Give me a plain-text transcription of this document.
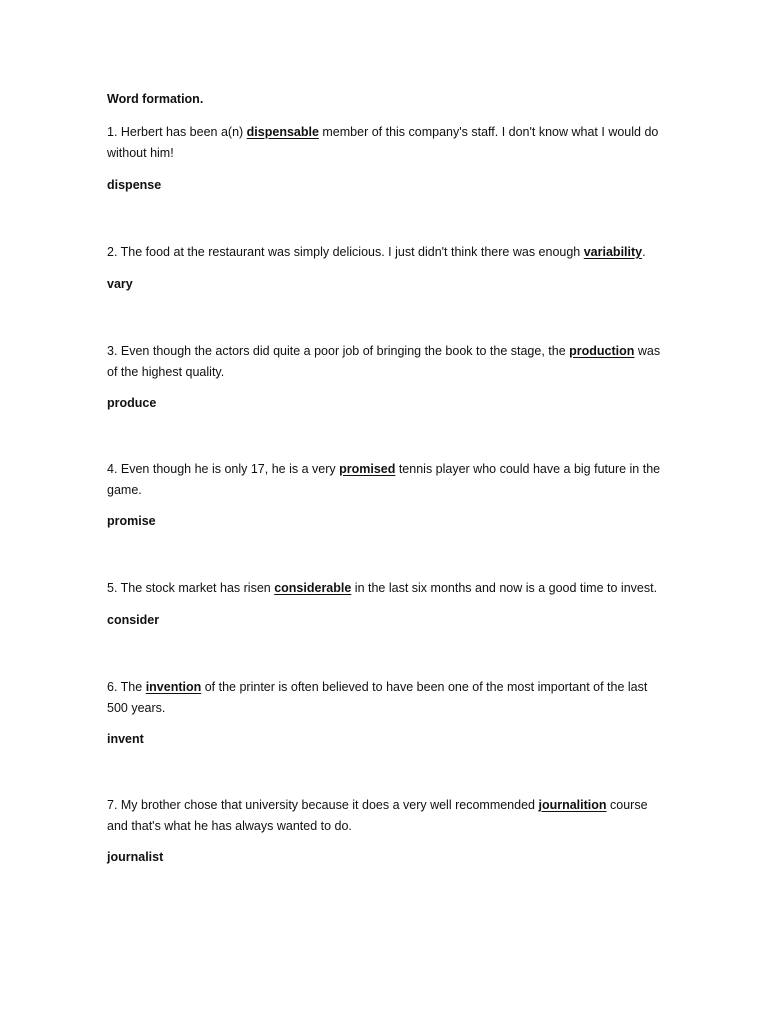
Word formation.
1. Herbert has been a(n) dispensable member of this company's staff. I don't know what I would do without him!
dispense
2. The food at the restaurant was simply delicious. I just didn't think there was enough variability.
vary
3. Even though the actors did quite a poor job of bringing the book to the stage, the production was of the highest quality.
produce
4. Even though he is only 17, he is a very promised tennis player who could have a big future in the game.
promise
5. The stock market has risen considerable in the last six months and now is a good time to invest.
consider
6. The invention of the printer is often believed to have been one of the most important of the last 500 years.
invent
7. My brother chose that university because it does a very well recommended journalition course and that's what he has always wanted to do.
journalist
